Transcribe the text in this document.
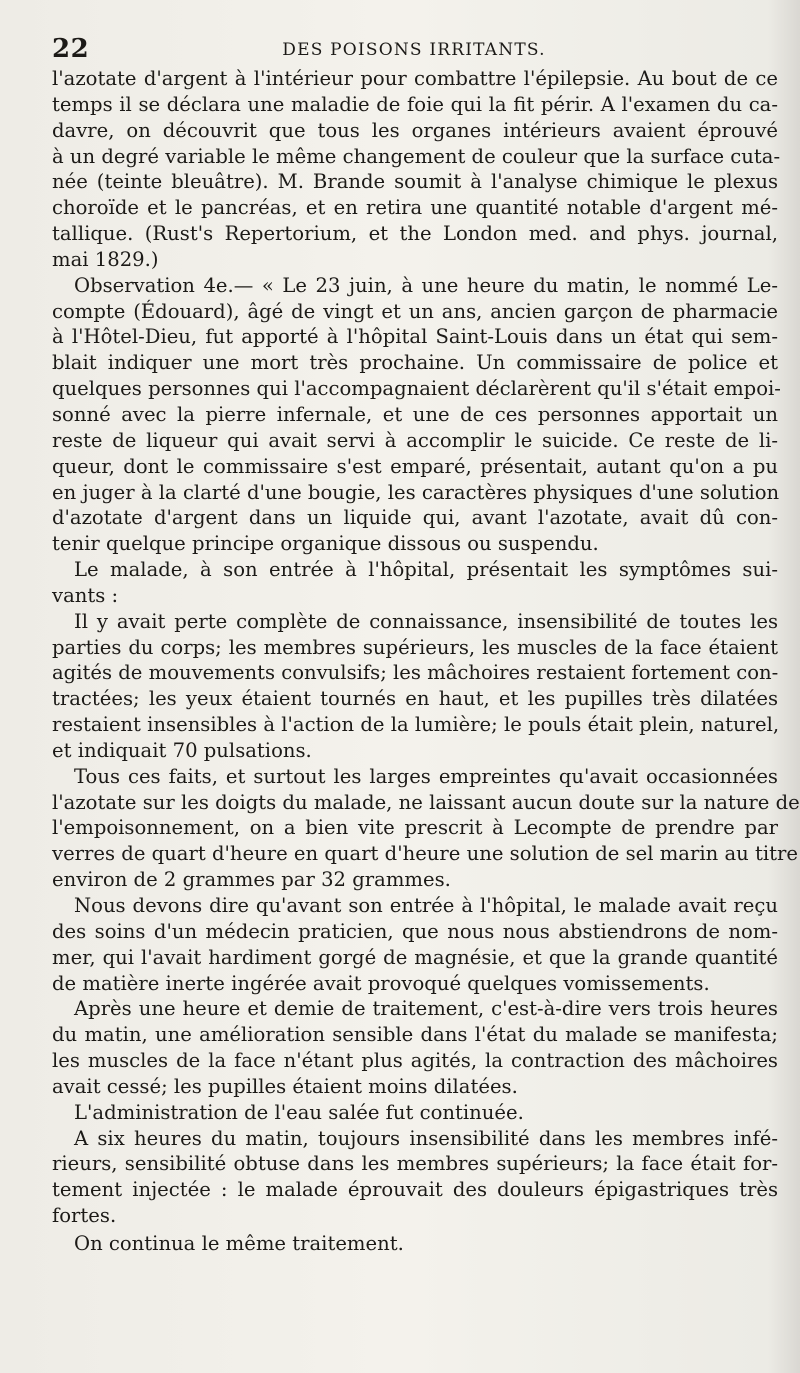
22	DES POISONS IRRITANTS.
l'azotate d'argent à l'intérieur pour combattre l'épilepsie. Au bout de ce
temps il se déclara une maladie de foie qui la fit périr. A l'examen du ca-
davre, on découvrit que tous les organes intérieurs avaient éprouvé
à un degré variable le même changement de couleur que la surface cuta-
née (teinte bleuâtre). M. Brande soumit à l'analyse chimique le plexus
choroïde et le pancréas, et en retira une quantité notable d'argent mé-
tallique. (Rust's Repertorium, et the London med. and phys. journal,
mai 1829.)
Observation 4e.— « Le 23 juin, à une heure du matin, le nommé Le-
compte (Édouard), âgé de vingt et un ans, ancien garçon de pharmacie
à l'Hôtel-Dieu, fut apporté à l'hôpital Saint-Louis dans un état qui sem-
blait indiquer une mort très prochaine. Un commissaire de police et
quelques personnes qui l'accompagnaient déclarèrent qu'il s'était empoi-
sonné avec la pierre infernale, et une de ces personnes apportait un
reste de liqueur qui avait servi à accomplir le suicide. Ce reste de li-
queur, dont le commissaire s'est emparé, présentait, autant qu'on a pu
en juger à la clarté d'une bougie, les caractères physiques d'une solution
d'azotate d'argent dans un liquide qui, avant l'azotate, avait dû con-
tenir quelque principe organique dissous ou suspendu.
Le malade, à son entrée à l'hôpital, présentait les symptômes sui-
vants :
Il y avait perte complète de connaissance, insensibilité de toutes les
parties du corps; les membres supérieurs, les muscles de la face étaient
agités de mouvements convulsifs; les mâchoires restaient fortement con-
tractées; les yeux étaient tournés en haut, et les pupilles très dilatées
restaient insensibles à l'action de la lumière; le pouls était plein, naturel,
et indiquait 70 pulsations.
Tous ces faits, et surtout les larges empreintes qu'avait occasionnées
l'azotate sur les doigts du malade, ne laissant aucun doute sur la nature de
l'empoisonnement, on a bien vite prescrit à Lecompte de prendre par
verres de quart d'heure en quart d'heure une solution de sel marin au titre
environ de 2 grammes par 32 grammes.
Nous devons dire qu'avant son entrée à l'hôpital, le malade avait reçu
des soins d'un médecin praticien, que nous nous abstiendrons de nom-
mer, qui l'avait hardiment gorgé de magnésie, et que la grande quantité
de matière inerte ingérée avait provoqué quelques vomissements.
Après une heure et demie de traitement, c'est-à-dire vers trois heures
du matin, une amélioration sensible dans l'état du malade se manifesta;
les muscles de la face n'étant plus agités, la contraction des mâchoires
avait cessé; les pupilles étaient moins dilatées.
L'administration de l'eau salée fut continuée.
A six heures du matin, toujours insensibilité dans les membres infé-
rieurs, sensibilité obtuse dans les membres supérieurs; la face était for-
tement injectée : le malade éprouvait des douleurs épigastriques très
fortes.
On continua le même traitement.
